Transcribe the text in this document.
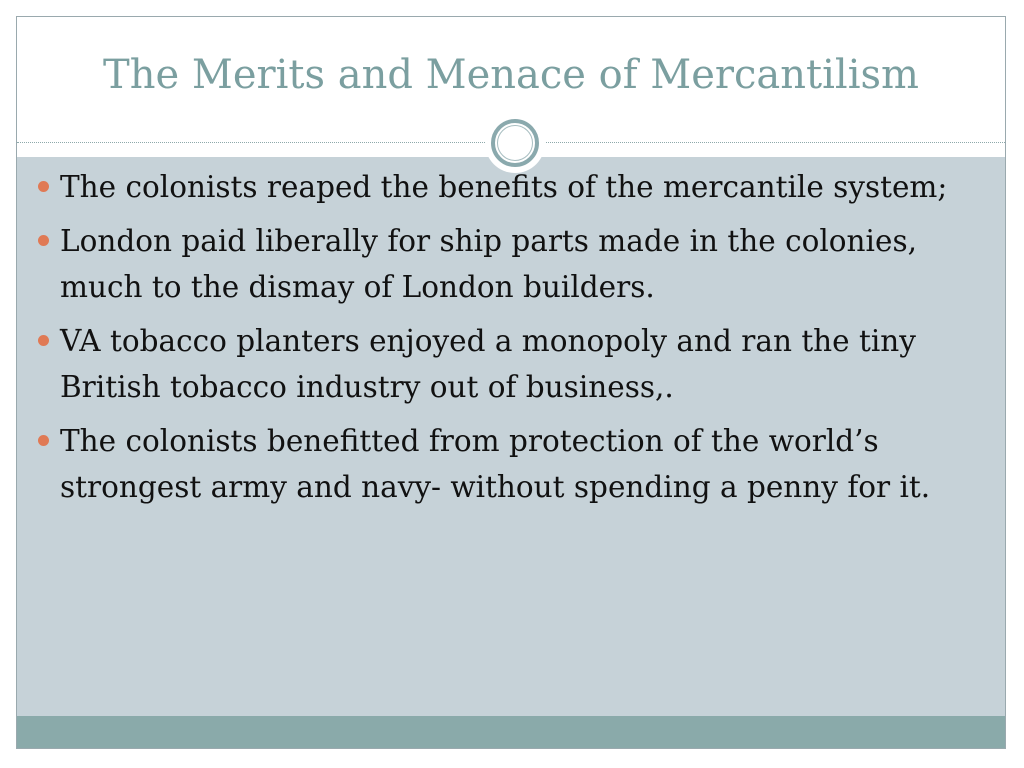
The Merits and Menace of Mercantilism
The colonists reaped the benefits of the mercantile system;
London paid liberally for ship parts made in the colonies, much to the dismay of London builders.
VA tobacco planters enjoyed a monopoly and ran the tiny British tobacco industry out of business,.
The colonists benefitted from protection of the world’s strongest army and navy- without spending a penny for it.
